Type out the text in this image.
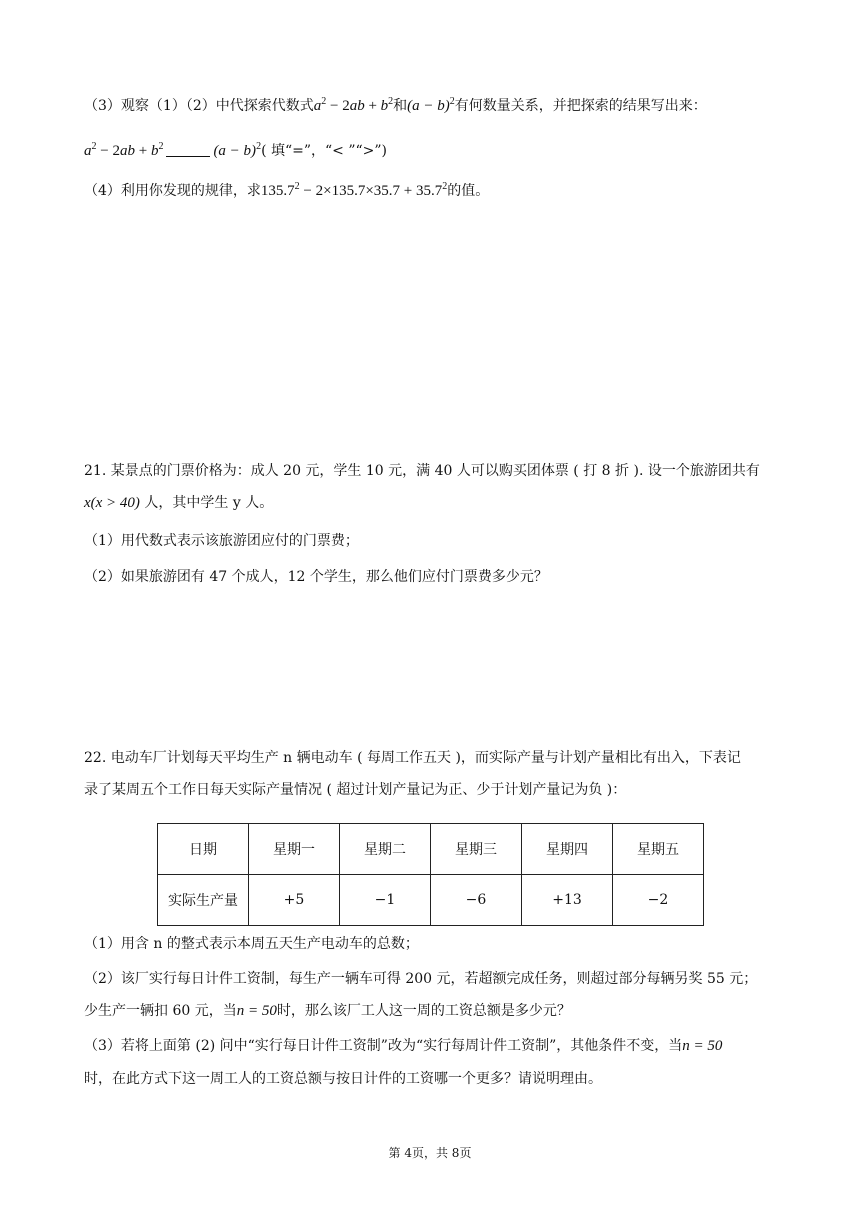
（3）观察（1）（2）中代探索代数式$a^2 - 2ab + b^2$和$(a - b)^2$有何数量关系，并把探索的结果写出来：
$a^2 - 2ab + b^2$	$(a - b)^2$( 填“=”，“< ”“>”)
（4）利用你发现的规律，求$135.7^2 - 2\times 135.7\times 35.7 + 35.7^2$的值。
21. 某景点的门票价格为：成人 20 元，学生 10 元，满 40 人可以购买团体票 ( 打 8 折 ). 设一个旅游团共有
x(x > 40) 人，其中学生 y 人。
（1）用代数式表示该旅游团应付的门票费；
（2）如果旅游团有 47 个成人，12 个学生，那么他们应付门票费多少元？
22. 电动车厂计划每天平均生产 n 辆电动车 ( 每周工作五天 )，而实际产量与计划产量相比有出入，下表记
录了某周五个工作日每天实际产量情况 ( 超过计划产量记为正、少于计划产量记为负 )：
日期	星期一	星期二	星期三	星期四	星期五
实际生产量	+5	−1	−6	+13	−2
（1）用含 n 的整式表示本周五天生产电动车的总数；
（2）该厂实行每日计件工资制，每生产一辆车可得 200 元，若超额完成任务，则超过部分每辆另奖 55 元；
少生产一辆扣 60 元，当n = 50时，那么该厂工人这一周的工资总额是多少元？
（3）若将上面第 (2) 问中“实行每日计件工资制”改为“实行每周计件工资制”，其他条件不变，当n = 50
时，在此方式下这一周工人的工资总额与按日计件的工资哪一个更多？请说明理由。
第 4页，共 8页
